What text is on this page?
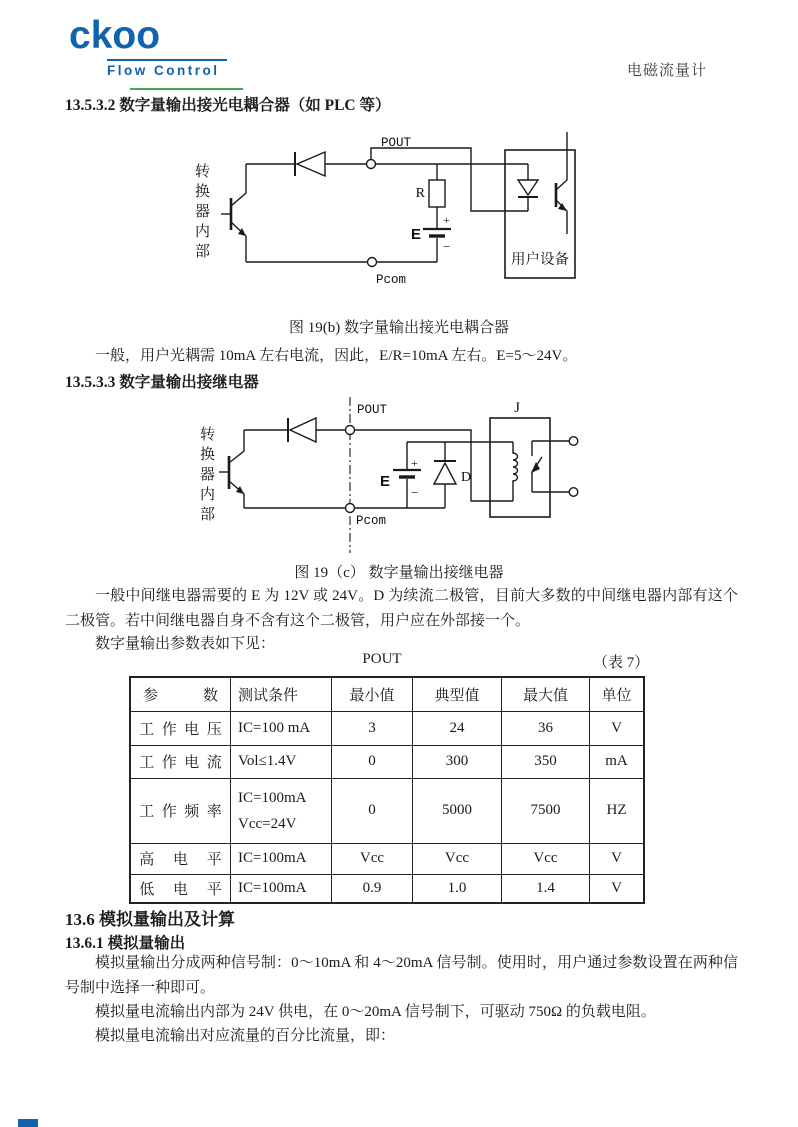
ckoo
Flow Control	电磁流量计
13.5.3.2 数字量输出接光电耦合器（如 PLC 等）
POUT
Pcom
R
E
+
−
用户设备
转换器内部
图 19(b) 数字量输出接光电耦合器
一般，用户光耦需 10mA 左右电流，因此，E/R=10mA 左右。E=5～24V。
13.5.3.3 数字量输出接继电器
POUT
Pcom
E
+
−
D
J
转换器内部
图 19（c） 数字量输出接继电器
一般中间继电器需要的 E 为 12V 或 24V。D 为续流二极管，目前大多数的中间继电器内部有这个二极管。若中间继电器自身不含有这个二极管，用户应在外部接一个。
数字量输出参数表如下见：
POUT	（表 7）
参            数	测试条件	最小值	典型值	最大值	单位
工  作  电  压	IC=100 mA	3	24	36	V
工  作  电  流	Vol≤1.4V	0	300	350	mA
工  作  频  率	IC=100mA
Vcc=24V	0	5000	7500	HZ
高     电     平	IC=100mA	Vcc	Vcc	Vcc	V
低     电     平	IC=100mA	0.9	1.0	1.4	V
13.6 模拟量输出及计算
13.6.1 模拟量输出
模拟量输出分成两种信号制：0～10mA 和 4～20mA 信号制。使用时，用户通过参数设置在两种信号制中选择一种即可。
模拟量电流输出内部为 24V 供电，在 0～20mA 信号制下，可驱动 750Ω 的负载电阻。
模拟量电流输出对应流量的百分比流量，即：
